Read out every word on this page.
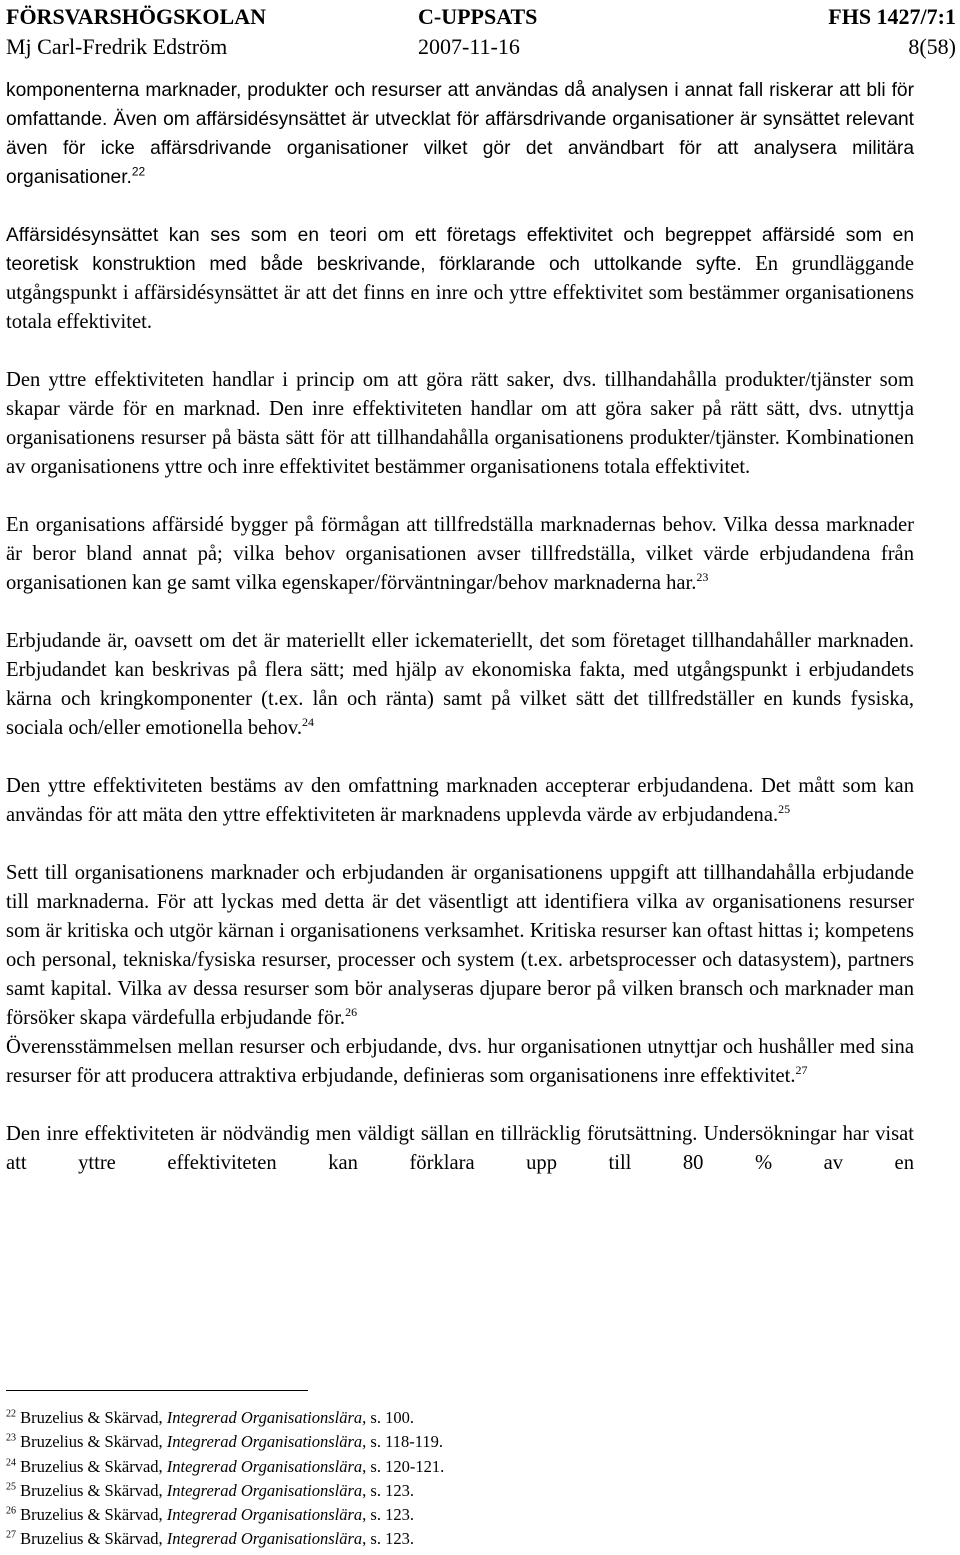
FÖRSVARSHÖGSKOLAN	C-UPPSATS	FHS 1427/7:1
Mj Carl-Fredrik Edström	2007-11-16	8(58)

komponenterna marknader, produkter och resurser att användas då analysen i annat fall riskerar att bli för omfattande. Även om affärsidésynsättet är utvecklat för affärsdrivande organisationer är synsättet relevant även för icke affärsdrivande organisationer vilket gör det användbart för att analysera militära organisationer.$^{22}$

Affärsidésynsättet kan ses som en teori om ett företags effektivitet och begreppet affärsidé som en teoretisk konstruktion med både beskrivande, förklarande och uttolkande syfte. En grundläggande utgångspunkt i affärsidésynsättet är att det finns en inre och yttre effektivitet som bestämmer organisationens totala effektivitet.

Den yttre effektiviteten handlar i princip om att göra rätt saker, dvs. tillhandahålla produkter/tjänster som skapar värde för en marknad. Den inre effektiviteten handlar om att göra saker på rätt sätt, dvs. utnyttja organisationens resurser på bästa sätt för att tillhandahålla organisationens produkter/tjänster. Kombinationen av organisationens yttre och inre effektivitet bestämmer organisationens totala effektivitet.

En organisations affärsidé bygger på förmågan att tillfredställa marknadernas behov. Vilka dessa marknader är beror bland annat på; vilka behov organisationen avser tillfredställa, vilket värde erbjudandena från organisationen kan ge samt vilka egenskaper/förväntningar/behov marknaderna har.$^{23}$

Erbjudande är, oavsett om det är materiellt eller ickemateriellt, det som företaget tillhandahåller marknaden. Erbjudandet kan beskrivas på flera sätt; med hjälp av ekonomiska fakta, med utgångspunkt i erbjudandets kärna och kringkomponenter (t.ex. lån och ränta) samt på vilket sätt det tillfredställer en kunds fysiska, sociala och/eller emotionella behov.$^{24}$

Den yttre effektiviteten bestäms av den omfattning marknaden accepterar erbjudandena. Det mått som kan användas för att mäta den yttre effektiviteten är marknadens upplevda värde av erbjudandena.$^{25}$

Sett till organisationens marknader och erbjudanden är organisationens uppgift att tillhandahålla erbjudande till marknaderna. För att lyckas med detta är det väsentligt att identifiera vilka av organisationens resurser som är kritiska och utgör kärnan i organisationens verksamhet. Kritiska resurser kan oftast hittas i; kompetens och personal, tekniska/fysiska resurser, processer och system (t.ex. arbetsprocesser och datasystem), partners samt kapital. Vilka av dessa resurser som bör analyseras djupare beror på vilken bransch och marknader man försöker skapa värdefulla erbjudande för.$^{26}$

Överensstämmelsen mellan resurser och erbjudande, dvs. hur organisationen utnyttjar och hushåller med sina resurser för att producera attraktiva erbjudande, definieras som organisationens inre effektivitet.$^{27}$

Den inre effektiviteten är nödvändig men väldigt sällan en tillräcklig förutsättning. Undersökningar har visat att yttre effektiviteten kan förklara upp till 80 % av en

$^{22}$ Bruzelius & Skärvad, Integrerad Organisationslära, s. 100.
$^{23}$ Bruzelius & Skärvad, Integrerad Organisationslära, s. 118-119.
$^{24}$ Bruzelius & Skärvad, Integrerad Organisationslära, s. 120-121.
$^{25}$ Bruzelius & Skärvad, Integrerad Organisationslära, s. 123.
$^{26}$ Bruzelius & Skärvad, Integrerad Organisationslära, s. 123.
$^{27}$ Bruzelius & Skärvad, Integrerad Organisationslära, s. 123.
